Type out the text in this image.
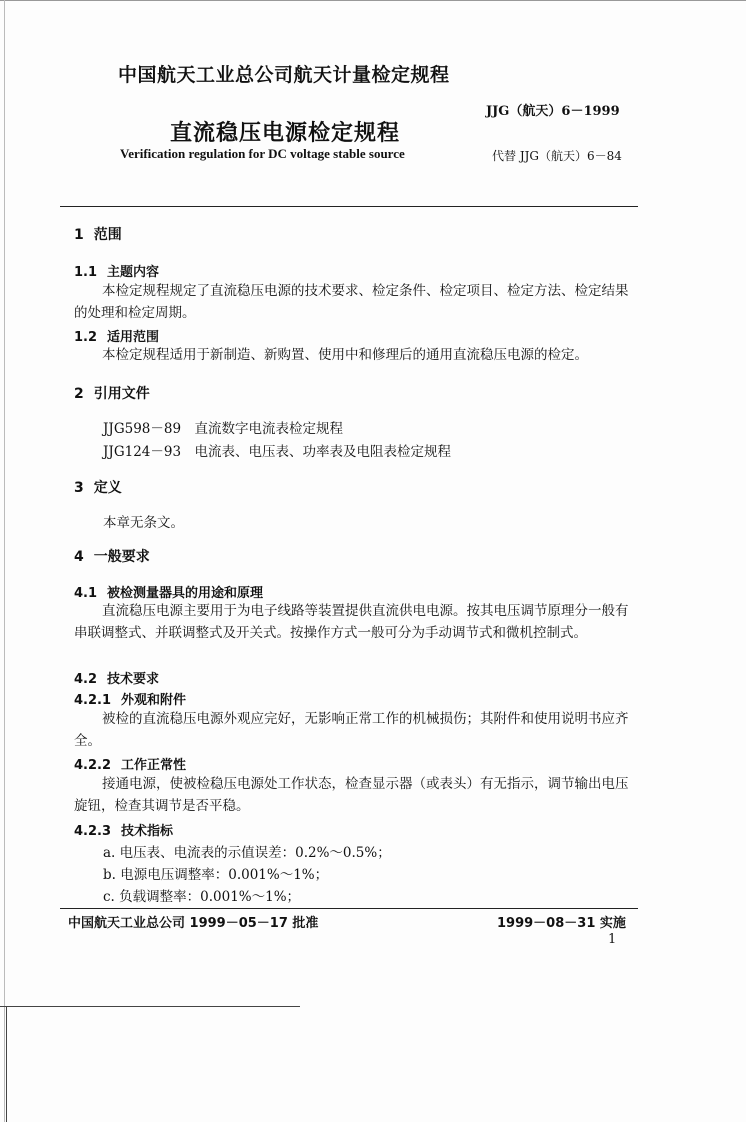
中国航天工业总公司航天计量检定规程
JJG（航天）6－1999
直流稳压电源检定规程
Verification regulation for DC voltage stable source	代替 JJG（航天）6－84
1 范围
1.1 主题内容
本检定规程规定了直流稳压电源的技术要求、检定条件、检定项目、检定方法、检定结果的处理和检定周期。
1.2 适用范围
本检定规程适用于新制造、新购置、使用中和修理后的通用直流稳压电源的检定。
2 引用文件
JJG598－89　直流数字电流表检定规程
JJG124－93　电流表、电压表、功率表及电阻表检定规程
3 定义
本章无条文。
4 一般要求
4.1 被检测量器具的用途和原理
直流稳压电源主要用于为电子线路等装置提供直流供电电源。按其电压调节原理分一般有串联调整式、并联调整式及开关式。按操作方式一般可分为手动调节式和微机控制式。
4.2 技术要求
4.2.1 外观和附件
被检的直流稳压电源外观应完好，无影响正常工作的机械损伤；其附件和使用说明书应齐全。
4.2.2 工作正常性
接通电源，使被检稳压电源处工作状态，检查显示器（或表头）有无指示，调节输出电压旋钮，检查其调节是否平稳。
4.2.3 技术指标
a. 电压表、电流表的示值误差：0.2%～0.5%；
b. 电源电压调整率：0.001%～1%；
c. 负载调整率：0.001%～1%；
中国航天工业总公司 1999－05－17 批准	1999－08－31 实施
1
